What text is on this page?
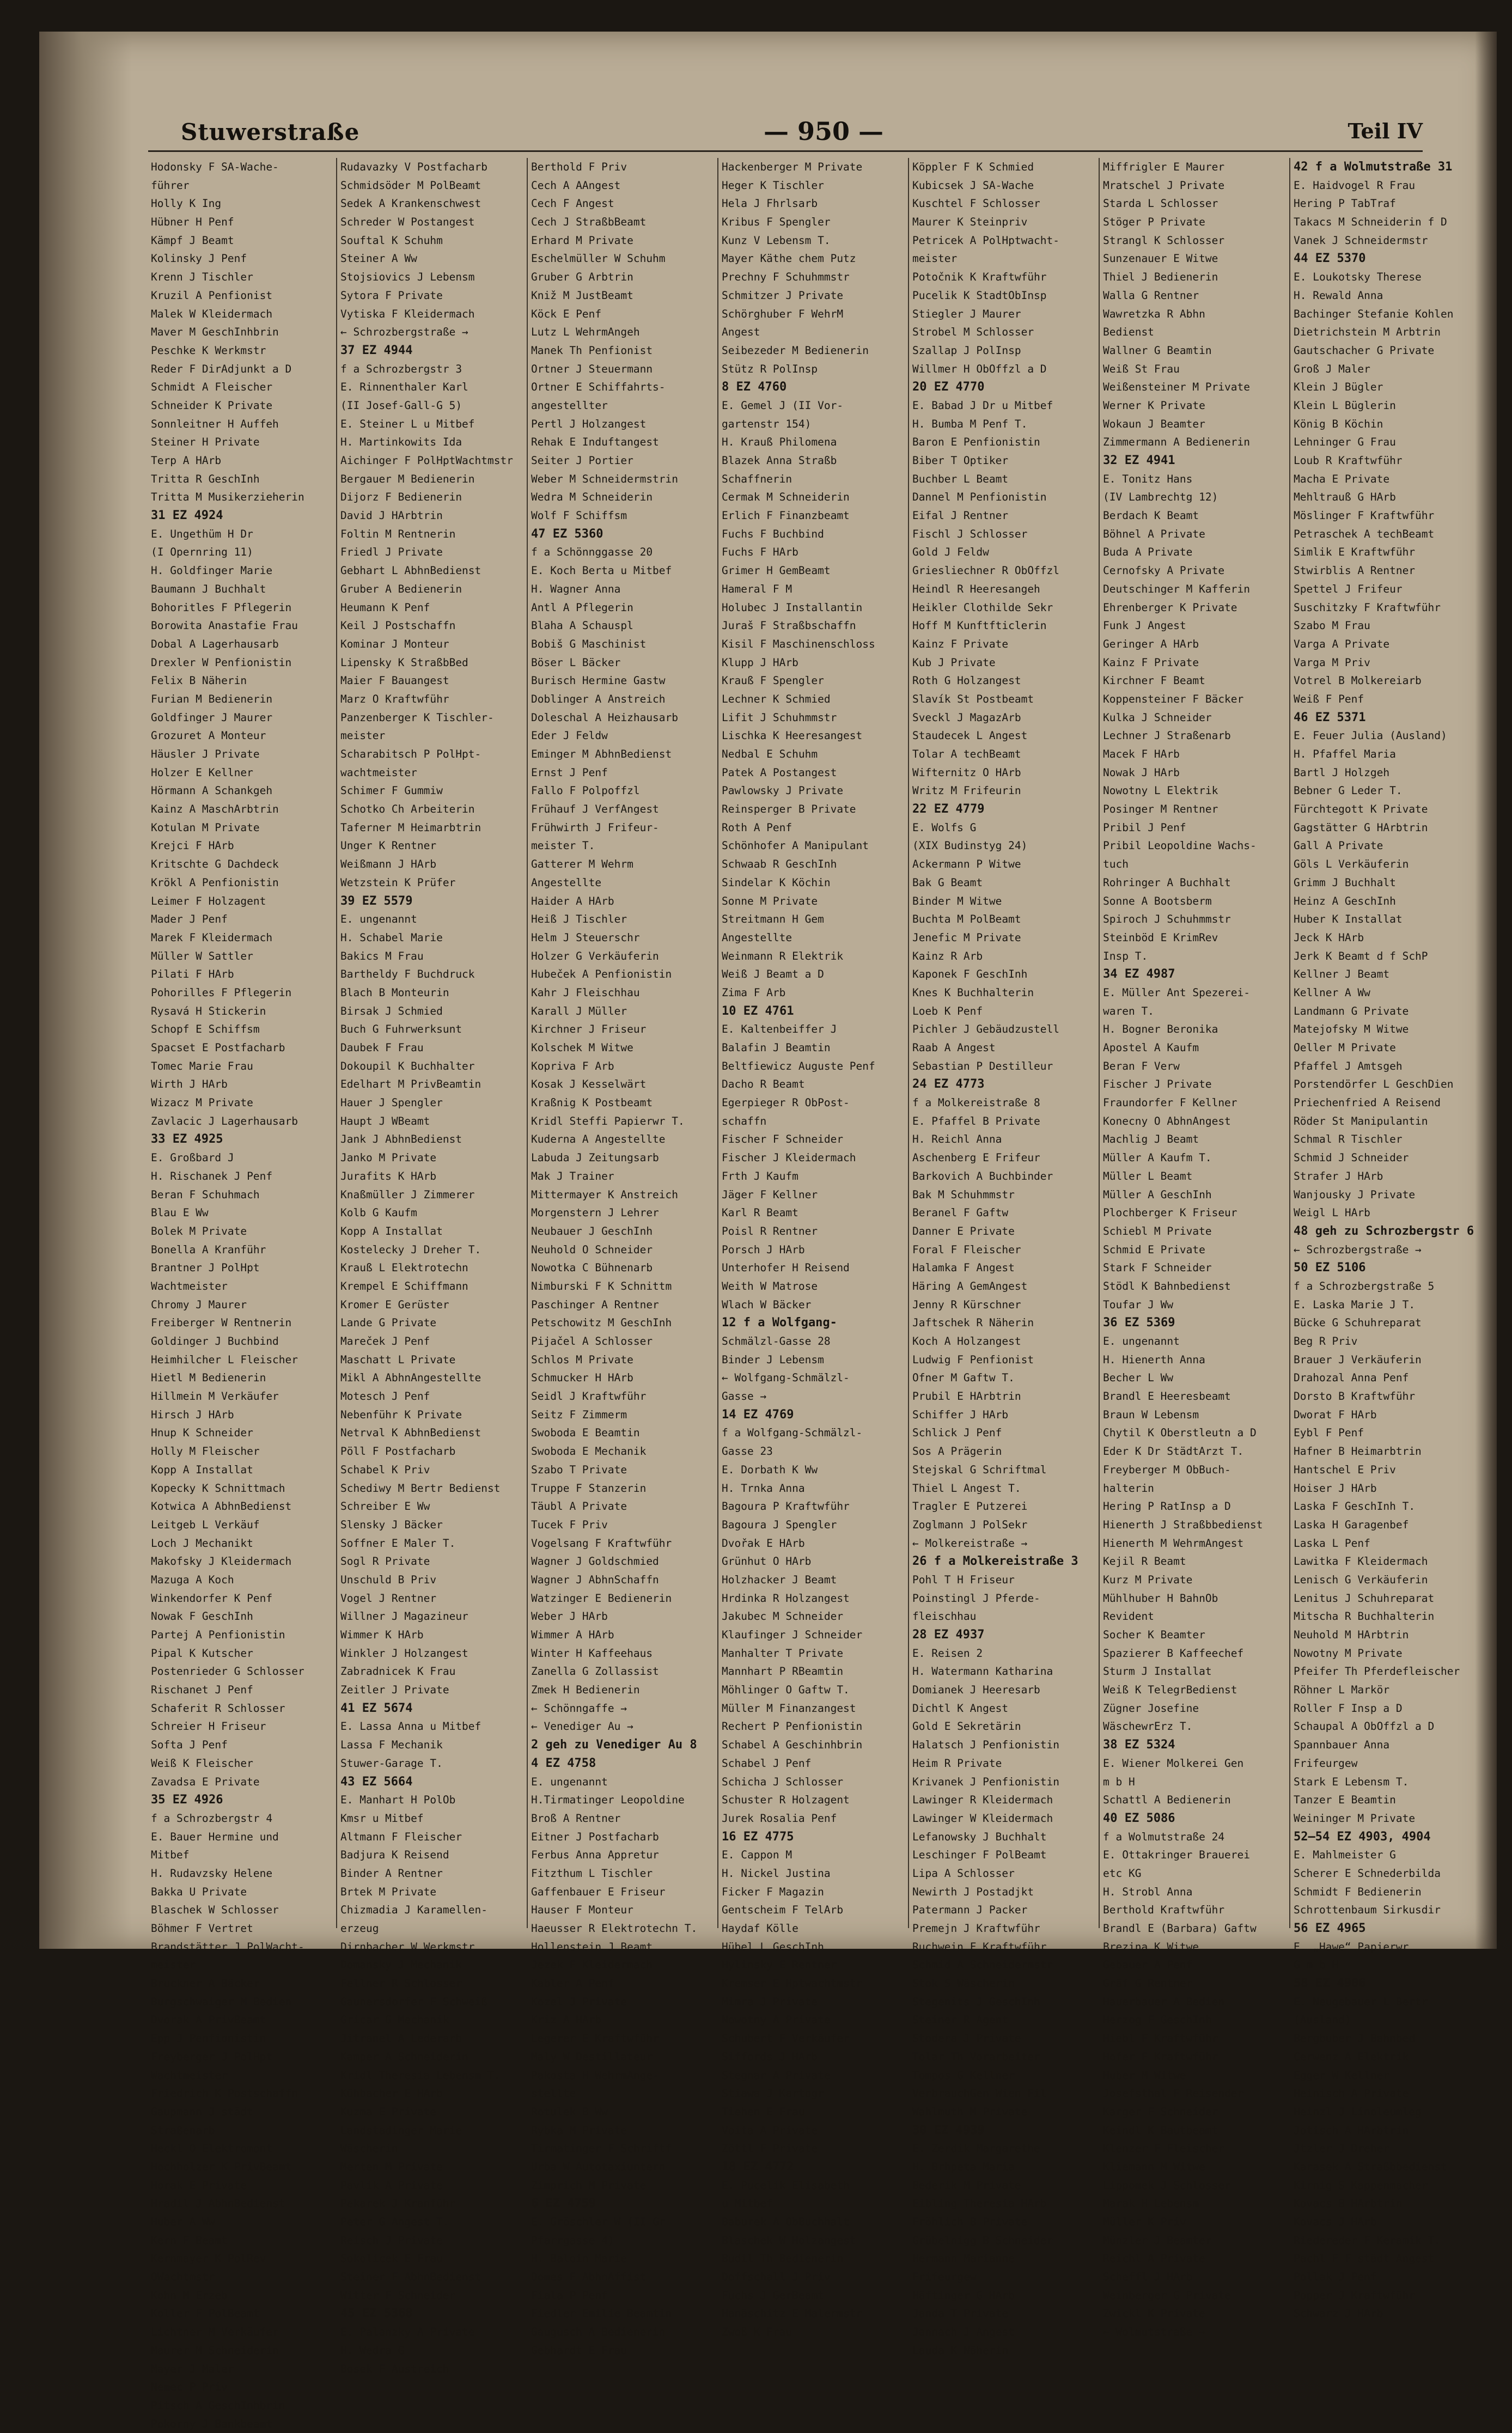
Stuwerstraße	— 950 —	Teil IV
Hodonsky F SA-Wache-
führer
Holly K Ing
Hübner H Penf
Kämpf J Beamt
Kolinsky J Penf
Krenn J Tischler
Kruzil A Penfionist
Malek W Kleidermach
Maver M GeschInhbrin
Peschke K Werkmstr
Reder F DirAdjunkt a D
Schmidt A Fleischer
Schneider K Private
Sonnleitner H Auffeh
Steiner H Private
Terp A HArb
Tritta R GeschInh
Tritta M Musikerzieherin
31 EZ 4924
E. Ungethüm H Dr
(I Opernring 11)
H. Goldfinger Marie
Baumann J Buchhalt
Bohoritles F Pflegerin
Borowita Anastafie Frau
Dobal A Lagerhausarb
Drexler W Penfionistin
Felix B Näherin
Furian M Bedienerin
Goldfinger J Maurer
Grozuret A Monteur
Häusler J Private
Holzer E Kellner
Hörmann A Schankgeh
Kainz A MaschArbtrin
Kotulan M Private
Krejci F HArb
Kritschte G Dachdeck
Krökl A Penfionistin
Leimer F Holzagent
Mader J Penf
Marek F Kleidermach
Müller W Sattler
Pilati F HArb
Pohorilles F Pflegerin
Rysavá H Stickerin
Schopf E Schiffsm
Spacset E Postfacharb
Tomec Marie Frau
Wirth J HArb
Wizacz M Private
Zavlacic J Lagerhausarb
33 EZ 4925
E. Großbard J
H. Rischanek J Penf
Beran F Schuhmach
Blau E Ww
Bolek M Private
Bonella A Kranführ
Brantner J PolHpt
Wachtmeister
Chromy J Maurer
Freiberger W Rentnerin
Goldinger J Buchbind
Heimhilcher L Fleischer
Hietl M Bedienerin
Hillmein M Verkäufer
Hirsch J HArb
Hnup K Schneider
Holly M Fleischer
Kopp A Installat
Kopecky K Schnittmach
Kotwica A AbhnBedienst
Leitgeb L Verkäuf
Loch J Mechanikt
Makofsky J Kleidermach
Mazuga A Koch
Winkendorfer K Penf
Nowak F GeschInh
Partej A Penfionistin
Pipal K Kutscher
Postenrieder G Schlosser
Rischanet J Penf
Schaferit R Schlosser
Schreier H Friseur
Softa J Penf
Weiß K Fleischer
Zavadsa E Private
35 EZ 4926
f a Schrozbergstr 4
E. Bauer Hermine und
Mitbef
H. Rudavzsky Helene
Bakka U Private
Blaschek W Schlosser
Böhmer F Vertret
Brandstätter J PolWacht-
meister
Bruckner A Bäcker
Burgschwaiger M Bedien
Dvorak A PrivBeamt
Epp J Penfionistin
Freyberger J PolHpt
Wachtmeister
Friedrich K Postschaffn
Gaupmann J städt
Straßenarb
Heckl O Elektromont
Hochholzer K PrivBeamt
Horak E Private
Hradil J AbhnBedienst
Huber A Ww
Kern F Beamt
Kernmayer K PolRev
OWachtmstr
Kohn M Erzeb
Koller F PolBeamt
Lichtner M Verkäufer
Maurer M Schneiderin
Mayer J Maler
Nemec P Priv
Pitsch A GeschInhbrin
Pokorny J Bankbeamt
Rudavazky V Postfacharb
Schmidsöder M PolBeamt
Sedek A Krankenschwest
Schreder W Postangest
Souftal K Schuhm
Steiner A Ww
Stojsiovics J Lebensm
Sytora F Private
Vytiska F Kleidermach
← Schrozbergstraße →
37 EZ 4944
f a Schrozbergstr 3
E. Rinnenthaler Karl
(II Josef-Gall-G 5)
E. Steiner L u Mitbef
H. Martinkowits Ida
Aichinger F PolHptWachtmstr
Bergauer M Bedienerin
Dijorz F Bedienerin
David J HArbtrin
Foltin M Rentnerin
Friedl J Private
Gebhart L AbhnBedienst
Gruber A Bedienerin
Heumann K Penf
Keil J Postschaffn
Kominar J Monteur
Lipensky K StraßbBed
Maier F Bauangest
Marz O Kraftwführ
Panzenberger K Tischler-
meister
Scharabitsch P PolHpt-
wachtmeister
Schimer F Gummiw
Schotko Ch Arbeiterin
Taferner M Heimarbtrin
Unger K Rentner
Weißmann J HArb
Wetzstein K Prüfer
39 EZ 5579
E. ungenannt
H. Schabel Marie
Bakics M Frau
Bartheldy F Buchdruck
Blach B Monteurin
Birsak J Schmied
Buch G Fuhrwerksunt
Daubek F Frau
Dokoupil K Buchhalter
Edelhart M PrivBeamtin
Hauer J Spengler
Haupt J WBeamt
Jank J AbhnBedienst
Janko M Private
Jurafits K HArb
Knaßmüller J Zimmerer
Kolb G Kaufm
Kopp A Installat
Kostelecky J Dreher T.
Krauß L Elektrotechn
Krempel E Schiffmann
Kromer E Gerüster
Lande G Private
Mareček J Penf
Maschatt L Private
Mikl A AbhnAngestellte
Motesch J Penf
Nebenführ K Private
Netrval K AbhnBedienst
Pöll F Postfacharb
Schabel K Priv
Schediwy M Bertr Bedienst
Schreiber E Ww
Slensky J Bäcker
Soffner E Maler T.
Sogl R Private
Unschuld B Priv
Vogel J Rentner
Willner J Magazineur
Wimmer K HArb
Winkler J Holzangest
Zabradnicek K Frau
Zeitler J Private
41 EZ 5674
E. Lassa Anna u Mitbef
Lassa F Mechanik
Stuwer-Garage T.
43 EZ 5664
E. Manhart H PolOb
Kmsr u Mitbef
Altmann F Fleischer
Badjura K Reisend
Binder A Rentner
Brtek M Private
Chizmadia J Karamellen-
erzeug
Dirnbacher W Werkmstr
Domansky J Mechanik
Fellner R Schlosser
Gaunersdorfer F Schweiß
Gricar G Mechanik
Jitranel A Lederarb
Kamper A Schneiderin
Kridl Theresia Lebensm T.
Kühbacher E HArb
Kuzma E Private
Landstadinger Marie
Wäscherin
Merten M Private
Pavlik A Private
Pekarek J Kranführ
Peter G Angest T.
Reisch J Private
Sokolicek E Frau
Steiner F AbhnBedienst
Witter F Schneider
45 EZ 5368
E. Palanzky A Private
H. Wedra G
Bosek F Austreich
Berthold F Priv
Cech A AAngest
Cech F Angest
Cech J StraßbBeamt
Erhard M Private
Eschelmüller W Schuhm
Gruber G Arbtrin
Kniž M JustBeamt
Köck E Penf
Lutz L WehrmAngeh
Manek Th Penfionist
Ortner J Steuermann
Ortner E Schiffahrts-
angestellter
Pertl J Holzangest
Rehak E Induftangest
Seiter J Portier
Weber M Schneidermstrin
Wedra M Schneiderin
Wolf F Schiffsm
47 EZ 5360
f a Schönnggasse 20
E. Koch Berta u Mitbef
H. Wagner Anna
Antl A Pflegerin
Blaha A Schauspl
Bobiš G Maschinist
Böser L Bäcker
Burisch Hermine Gastw
Doblinger A Anstreich
Doleschal A Heizhausarb
Eder J Feldw
Eminger M AbhnBedienst
Ernst J Penf
Fallo F Polpoffzl
Frühauf J VerfAngest
Frühwirth J Frifeur-
meister T.
Gatterer M Wehrm
Angestellte
Haider A HArb
Heiß J Tischler
Helm J Steuerschr
Holzer G Verkäuferin
Hubeček A Penfionistin
Kahr J Fleischhau
Karall J Müller
Kirchner J Friseur
Kolschek M Witwe
Kopriva F Arb
Kosak J Kesselwärt
Kraßnig K Postbeamt
Kridl Steffi Papierwr T.
Kuderna A Angestellte
Labuda J Zeitungsarb
Mak J Trainer
Mittermayer K Anstreich
Morgenstern J Lehrer
Neubauer J GeschInh
Neuhold O Schneider
Nowotka C Bühnenarb
Nimburski F K Schnittm
Paschinger A Rentner
Petschowitz M GeschInh
Pijačel A Schlosser
Schlos M Private
Schmucker H HArb
Seidl J Kraftwführ
Seitz F Zimmerm
Swoboda E Beamtin
Swoboda E Mechanik
Szabo T Private
Truppe F Stanzerin
Täubl A Private
Tucek F Priv
Vogelsang F Kraftwführ
Wagner J Goldschmied
Wagner J AbhnSchaffn
Watzinger E Bedienerin
Weber J HArb
Wimmer A HArb
Winter H Kaffeehaus
Zanella G Zollassist
Zmek H Bedienerin
← Schönngaffe →
← Venediger Au →
2 geh zu Venediger Au 8
4 EZ 4758
E. ungenannt
H.Tirmatinger Leopoldine
Broß A Rentner
Eitner J Postfacharb
Ferbus Anna Appretur
Fitzthum L Tischler
Gaffenbauer E Friseur
Hauser F Monteur
Haeusser R Elektrotechn T.
Hollenstein J Beamt
Jezek F Kleidermach
Kabler A Penf
Kozel J Private
Kriz A HArb
Legerer E Kraftwführ
Maly W Destillateur
Pakosta H WehrmAnge-
stellte
Rotulek B Ww
Rybka M Private
Tirmatinger F Schriftf
Urba W Autotaxiuntern
Zimprich M Private
6 EZ 4759
E. Gröschler W (II Gr
Pfarrgasse 4)
H. Baloin Marie
Domes F AbhnAffist
Fiala P Penf
Fiedler Emilie Beamtin
Gaugusch A Bedienerin
Gebhardt E Frau
Hackenberger M Private
Heger K Tischler
Hela J Fhrlsarb
Kribus F Spengler
Kunz V Lebensm T.
Mayer Käthe chem Putz
Prechny F Schuhmmstr
Schmitzer J Private
Schörghuber F WehrM
Angest
Seibezeder M Bedienerin
Stütz R PolInsp
8 EZ 4760
E. Gemel J (II Vor-
gartenstr 154)
H. Krauß Philomena
Blazek Anna Straßb
Schaffnerin
Cermak M Schneiderin
Erlich F Finanzbeamt
Fuchs F Buchbind
Fuchs F HArb
Grimer H GemBeamt
Hameral F M
Holubec J Installantin
Juraš F Straßbschaffn
Kisil F Maschinenschloss
Klupp J HArb
Krauß F Spengler
Lechner K Schmied
Lifit J Schuhmmstr
Lischka K Heeresangest
Nedbal E Schuhm
Patek A Postangest
Pawlowsky J Private
Reinsperger B Private
Roth A Penf
Schönhofer A Manipulant
Schwaab R GeschInh
Sindelar K Köchin
Sonne M Private
Streitmann H Gem
Angestellte
Weinmann R Elektrik
Weiß J Beamt a D
Zima F Arb
10 EZ 4761
E. Kaltenbeiffer J
Balafin J Beamtin
Beltfiewicz Auguste Penf
Dacho R Beamt
Egerpieger R ObPost-
schaffn
Fischer F Schneider
Fischer J Kleidermach
Frth J Kaufm
Jäger F Kellner
Karl R Beamt
Poisl R Rentner
Porsch J HArb
Unterhofer H Reisend
Weith W Matrose
Wlach W Bäcker
12 f a Wolfgang-
Schmälzl-Gasse 28
Binder J Lebensm
← Wolfgang-Schmälzl-
Gasse →
14 EZ 4769
f a Wolfgang-Schmälzl-
Gasse 23
E. Dorbath K Ww
H. Trnka Anna
Bagoura P Kraftwführ
Bagoura J Spengler
Dvořak E HArb
Grünhut O HArb
Holzhacker J Beamt
Hrdinka R Holzangest
Jakubec M Schneider
Klaufinger J Schneider
Manhalter T Private
Mannhart P RBeamtin
Möhlinger O Gaftw T.
Müller M Finanzangest
Rechert P Penfionistin
Schabel A Geschinhbrin
Schabel J Penf
Schicha J Schlosser
Schuster R Holzagent
Jurek Rosalia Penf
16 EZ 4775
E. Cappon M
H. Nickel Justina
Ficker F Magazin
Gentscheim F TelArb
Haydaf Kölle
Hübel L GeschInh
Hylinsky E Rentner
Kremser E Hptwachtmstr
Mimra J Private
Nowotny A Private
Schubert F Verkäufer
Siffords J HArb
Stegnar A Private
Stiawa J Kartogr
Tiehen E Frau
Voita A Private
Zöttl F Private
18 EZ 4772
E. Pucelik Elisabeth
u Mitbef
Baburek A ObBuchhalt
Blaschek W Holzangest
Budil Th Bedienerin
Doffschall J Priv
Fuchs J GerBeamt
Hanäschitz E Malermstr
Zwoß K Frau
Köppler F K Schmied
Kubicsek J SA-Wache
Kuschtel F Schlosser
Maurer K Steinpriv
Petricek A PolHptwacht-
meister
Potočnik K Kraftwführ
Pucelik K StadtObInsp
Stiegler J Maurer
Strobel M Schlosser
Szallap J PolInsp
Willmer H ObOffzl a D
20 EZ 4770
E. Babad J Dr u Mitbef
H. Bumba M Penf T.
Baron E Penfionistin
Biber T Optiker
Buchber L Beamt
Dannel M Penfionistin
Eifal J Rentner
Fischl J Schlosser
Gold J Feldw
Griesliechner R ObOffzl
Heindl R Heeresangeh
Heikler Clothilde Sekr
Hoff M Kunftfticlerin
Kainz F Private
Kub J Private
Roth G Holzangest
Slavík St Postbeamt
Sveckl J MagazArb
Staudecek L Angest
Tolar A techBeamt
Wifternitz O HArb
Writz M Frifeurin
22 EZ 4779
E. Wolfs G
(XIX Budinstyg 24)
Ackermann P Witwe
Bak G Beamt
Binder M Witwe
Buchta M PolBeamt
Jenefic M Private
Kainz R Arb
Kaponek F GeschInh
Knes K Buchhalterin
Loeb K Penf
Pichler J Gebäudzustell
Raab A Angest
Sebastian P Destilleur
24 EZ 4773
f a Molkereistraße 8
E. Pfaffel B Private
H. Reichl Anna
Aschenberg E Frifeur
Barkovich A Buchbinder
Bak M Schuhmmstr
Beranel F Gaftw
Danner E Private
Foral F Fleischer
Halamka F Angest
Häring A GemAngest
Jenny R Kürschner
Jaftschek R Näherin
Koch A Holzangest
Ludwig F Penfionist
Ofner M Gaftw T.
Prubil E HArbtrin
Schiffer J HArb
Schlick J Penf
Sos A Prägerin
Stejskal G Schriftmal
Thiel L Angest T.
Tragler E Putzerei
Zoglmann J PolSekr
← Molkereistraße →
26 f a Molkereistraße 3
Pohl T H Friseur
Poinstingl J Pferde-
fleischhau
28 EZ 4937
E. Reisen 2
H. Watermann Katharina
Domianek J Heeresarb
Dichtl K Angest
Gold E Sekretärin
Halatsch J Penfionistin
Heim R Private
Krivanek J Penfionistin
Lawinger R Kleidermach
Lawinger W Kleidermach
Lefanowsky J Buchhalt
Leschinger F PolBeamt
Lipa A Schlosser
Newirth J Postadjkt
Patermann J Packer
Premejn J Kraftwführ
Ruchwein F Kraftwführ
Schmid A Schneidermstr
Stok S Wäscherin
Stegenits J GeschInh
Steiner R Agent
Stodera J Private
Tolar Th Vorarbeiter
Tompos G Kellner
VerbrauchGen Wien Fil
Wahlmuth M Private
30 EZ 4939
E. Zerdik Margarethe
H. Brhpeta Maria
Bederik M Private
Eibling Theresia HArb
Fröhlich B Private
Grübelnigg B Schneider
Hermann Marianne
Frifeurgew
Häftinger G HArb
Janda T Private
Jannach J Angest
Lauda K Näherin
Miffrigler E Maurer
Mratschel J Private
Starda L Schlosser
Stöger P Private
Strangl K Schlosser
Sunzenauer E Witwe
Thiel J Bedienerin
Walla G Rentner
Wawretzka R Abhn
Bedienst
Wallner G Beamtin
Weiß St Frau
Weißensteiner M Private
Werner K Private
Wokaun J Beamter
Zimmermann A Bedienerin
32 EZ 4941
E. Tonitz Hans
(IV Lambrechtg 12)
Berdach K Beamt
Böhnel A Private
Buda A Private
Cernofsky A Private
Deutschinger M Kafferin
Ehrenberger K Private
Funk J Angest
Geringer A HArb
Kainz F Private
Kirchner F Beamt
Koppensteiner F Bäcker
Kulka J Schneider
Lechner J Straßenarb
Macek F HArb
Nowak J HArb
Nowotny L Elektrik
Posinger M Rentner
Pribil J Penf
Pribil Leopoldine Wachs-
tuch
Rohringer A Buchhalt
Sonne A Bootsberm
Spiroch J Schuhmmstr
Steinböd E KrimRev
Insp T.
34 EZ 4987
E. Müller Ant Spezerei-
waren T.
H. Bogner Beronika
Apostel A Kaufm
Beran F Verw
Fischer J Private
Fraundorfer F Kellner
Konecny O AbhnAngest
Machlig J Beamt
Müller A Kaufm T.
Müller L Beamt
Müller A GeschInh
Plochberger K Friseur
Schiebl M Private
Schmid E Private
Stark F Schneider
Stödl K Bahnbedienst
Toufar J Ww
36 EZ 5369
E. ungenannt
H. Hienerth Anna
Becher L Ww
Brandl E Heeresbeamt
Braun W Lebensm
Chytil K Oberstleutn a D
Eder K Dr StädtArzt T.
Freyberger M ObBuch-
halterin
Hering P RatInsp a D
Hienerth J Straßbbedienst
Hienerth M WehrmAngest
Kejil R Beamt
Kurz M Private
Mühlhuber H BahnOb
Revident
Socher K Beamter
Spazierer B Kaffeechef
Sturm J Installat
Weiß K TelegrBedienst
Zügner Josefine
WäschewrErz T.
38 EZ 5324
E. Wiener Molkerei Gen
m b H
Schattl A Bedienerin
40 EZ 5086
f a Wolmutstraße 24
E. Ottakringer Brauerei
etc KG
H. Strobl Anna
Berthold Kraftwführ
Brandl E (Barbara) Gaftw
Brezina K Witwe
Gebauer A Penf
Gräf G Rentner
Hauerbauer A Bedien
Herzog F GeschInh
Hiebl F Kraftwführ
Hofer F Kraftwführ
Huber M Witwe
Josefsthal F Reisender
Karger F Schneider
Keindl K Bautbeamt
Klenzer F Fleischer
Kliemann M Witwe
Lippomek J Schlosser
Marak H Lebensm
Müller K Priv
Münzler J Beamter
Reichl A Private
Scheffl J HArb
Weinberger G Private
Zwickl K Private
← Wolmutstraße →
42 f a Wolmutstraße 31
E. Haidvogel R Frau
Hering P TabTraf
Takacs M Schneiderin f D
Vanek J Schneidermstr
44 EZ 5370
E. Loukotsky Therese
H. Rewald Anna
Bachinger Stefanie Kohlen
Dietrichstein M Arbtrin
Gautschacher G Private
Groß J Maler
Klein J Bügler
Klein L Büglerin
König B Köchin
Lehninger G Frau
Loub R Kraftwführ
Macha E Private
Mehltrauß G HArb
Möslinger F Kraftwführ
Petraschek A techBeamt
Simlik E Kraftwführ
Stwirblis A Rentner
Spettel J Frifeur
Suschitzky F Kraftwführ
Szabo M Frau
Varga A Private
Varga M Priv
Votrel B Molkereiarb
Weiß F Penf
46 EZ 5371
E. Feuer Julia (Ausland)
H. Pfaffel Maria
Bartl J Holzgeh
Bebner G Leder T.
Fürchtegott K Private
Gagstätter G HArbtrin
Gall A Private
Göls L Verkäuferin
Grimm J Buchhalt
Heinz A GeschInh
Huber K Installat
Jeck K HArb
Jerk K Beamt d f SchP
Kellner J Beamt
Kellner A Ww
Landmann G Private
Matejofsky M Witwe
Oeller M Private
Pfaffel J Amtsgeh
Porstendörfer L GeschDien
Priechenfried A Reisend
Röder St Manipulantin
Schmal R Tischler
Schmid J Schneider
Strafer J HArb
Wanjousky J Private
Weigl L HArb
48 geh zu Schrozbergstr 6
← Schrozbergstraße →
50 EZ 5106
f a Schrozbergstraße 5
E. Laska Marie J T.
Bücke G Schuhreparat
Beg R Priv
Brauer J Verkäuferin
Drahozal Anna Penf
Dorsto B Kraftwführ
Dworat F HArb
Eybl F Penf
Hafner B Heimarbtrin
Hantschel E Priv
Hoiser J HArb
Laska F GeschInh T.
Laska H Garagenbef
Laska L Penf
Lawitka F Kleidermach
Lenisch G Verkäuferin
Lenitus J Schuhreparat
Mitscha R Buchhalterin
Neuhold M HArbtrin
Nowotny M Private
Pfeifer Th Pferdefleischer
Röhner L Markör
Roller F Insp a D
Schaupal A ObOffzl a D
Spannbauer Anna
Frifeurgew
Stark E Lebensm T.
Tanzer E Beamtin
Weininger M Private
52—54 EZ 4903, 4904
E. Mahlmeister G
Scherer E Schnederbilda
Schmidt F Bedienerin
Schrottenbaum Sirkusdir
56 EZ 4965
E. „Hawe“ Papierwr
G m b H
58 EZ 4906
E. Neugebauer L Bertr
(Ausland)
Bergbuber J Bahnbed
Cerwenz A Elektrik
Egger W Kellner
Heinisch A Private
Heinzl J Linoleumleg
Jotisch A HArbtrin
Jtzler J Dreher
Karasek A Straßbbedienst
Kirnig S Kappenmacher
Kovacs B HArbtrin
Kovacs J HArb
Riedereder F Keramik T.
Pachl F F städt Angest
Pollak J Penf
Popper J Kraftwführ
Schwarz J HArb
